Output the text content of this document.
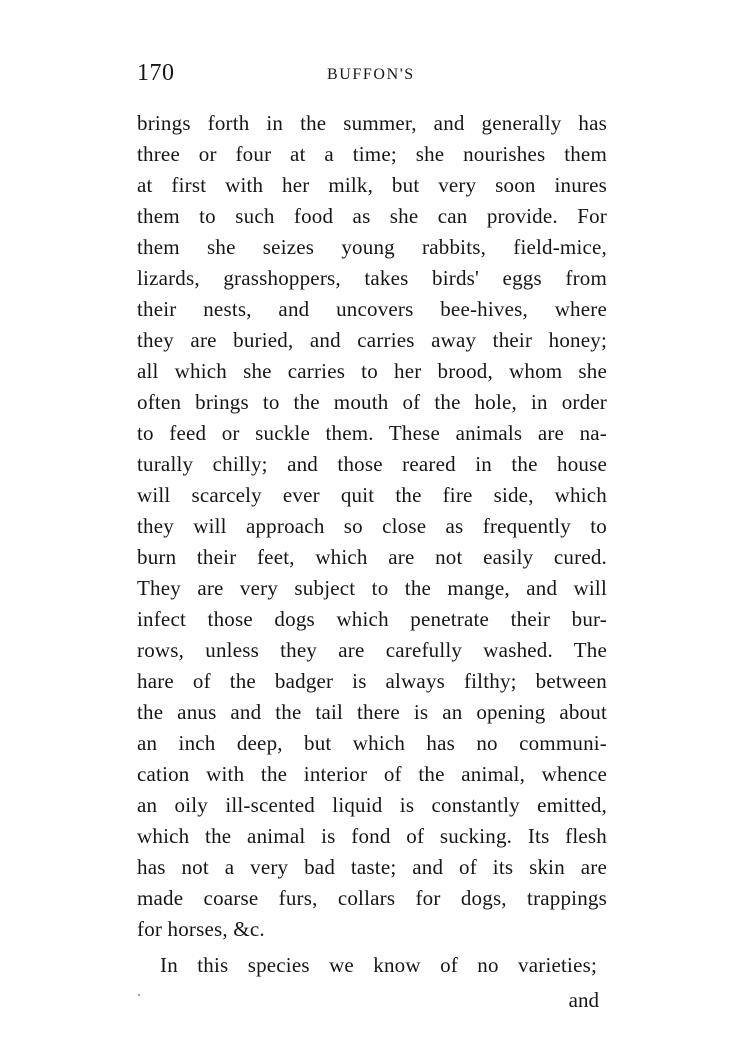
170	BUFFON'S
brings forth in the summer, and generally has
three or four at a time; she nourishes them
at first with her milk, but very soon inures
them to such food as she can provide. For
them she seizes young rabbits, field-mice,
lizards, grasshoppers, takes birds' eggs from
their nests, and uncovers bee-hives, where
they are buried, and carries away their honey;
all which she carries to her brood, whom she
often brings to the mouth of the hole, in order
to feed or suckle them. These animals are na-
turally chilly; and those reared in the house
will scarcely ever quit the fire side, which
they will approach so close as frequently to
burn their feet, which are not easily cured.
They are very subject to the mange, and will
infect those dogs which penetrate their bur-
rows, unless they are carefully washed. The
hare of the badger is always filthy; between
the anus and the tail there is an opening about
an inch deep, but which has no communi-
cation with the interior of the animal, whence
an oily ill-scented liquid is constantly emitted,
which the animal is fond of sucking. Its flesh
has not a very bad taste; and of its skin are
made coarse furs, collars for dogs, trappings
for horses, &c.
In this species we know of no varieties;
and
